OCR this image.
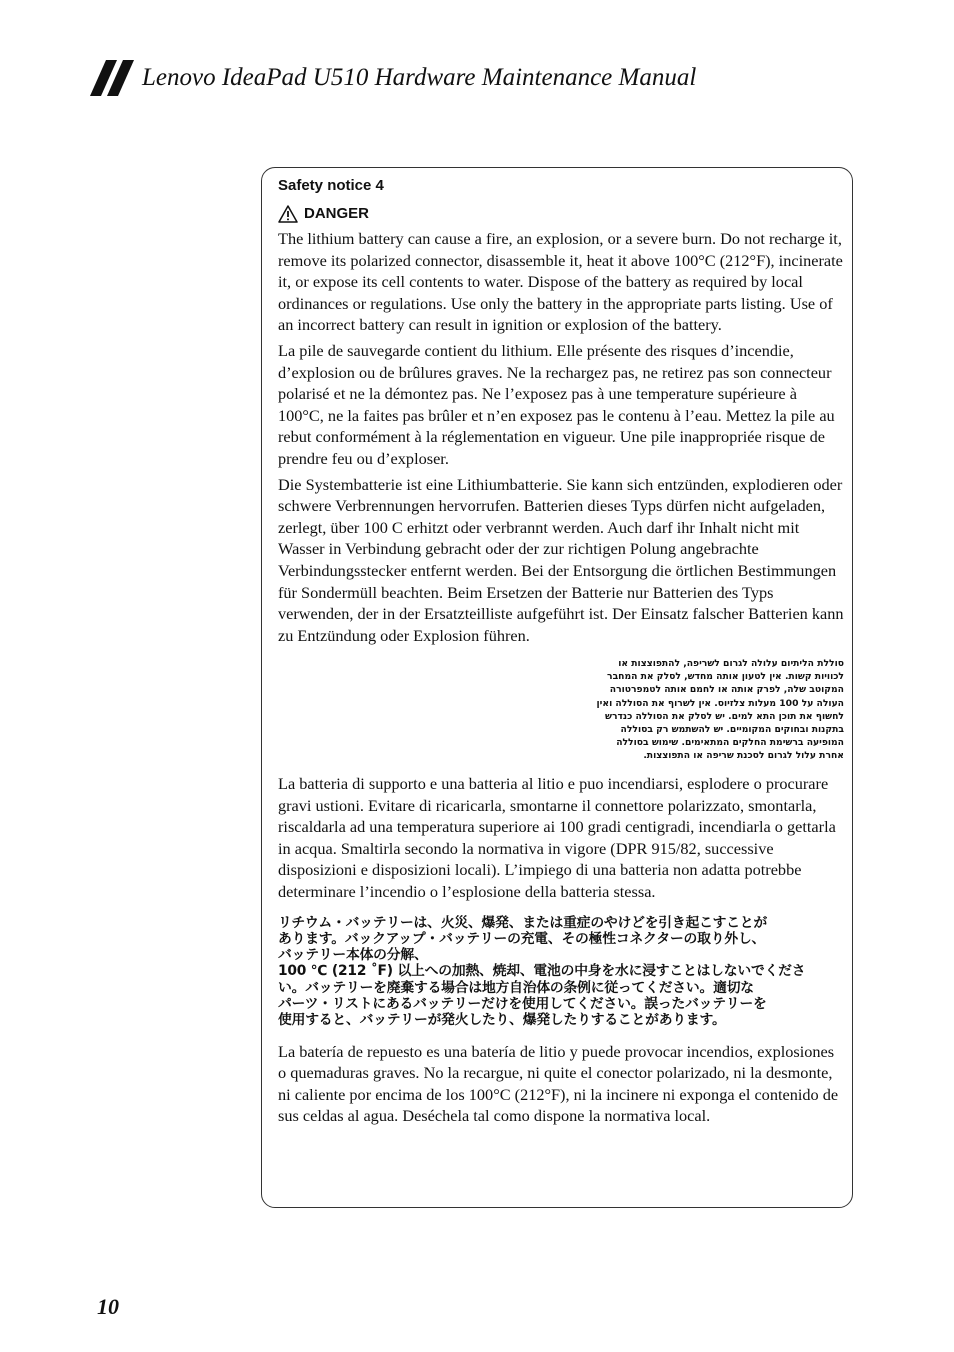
Lenovo IdeaPad U510 Hardware Maintenance Manual
Safety notice 4
DANGER

The lithium battery can cause a fire, an explosion, or a severe burn. Do not recharge it, remove its polarized connector, disassemble it, heat it above 100°C (212°F), incinerate it, or expose its cell contents to water. Dispose of the battery as required by local ordinances or regulations. Use only the battery in the appropriate parts listing. Use of an incorrect battery can result in ignition or explosion of the battery.

La pile de sauvegarde contient du lithium. Elle présente des risques d’incendie, d’explosion ou de brûlures graves. Ne la rechargez pas, ne retirez pas son connecteur polarisé et ne la démontez pas. Ne l’exposez pas à une temperature supérieure à 100°C, ne la faites pas brûler et n’en exposez pas le contenu à l’eau. Mettez la pile au rebut conformément à la réglementation en vigueur. Une pile inappropriée risque de prendre feu ou d’exploser.

Die Systembatterie ist eine Lithiumbatterie. Sie kann sich entzünden, explodieren oder schwere Verbrennungen hervorrufen. Batterien dieses Typs dürfen nicht aufgeladen, zerlegt, über 100 C erhitzt oder verbrannt werden. Auch darf ihr Inhalt nicht mit Wasser in Verbindung gebracht oder der zur richtigen Polung angebrachte Verbindungsstecker entfernt werden. Bei der Entsorgung die örtlichen Bestimmungen für Sondermüll beachten. Beim Ersetzen der Batterie nur Batterien des Typs verwenden, der in der Ersatzteilliste aufgeführt ist. Der Einsatz falscher Batterien kann zu Entzündung oder Explosion führen.

סוללת הליתיום עלולה לגרום לשריפה, להתפוצצות או
לכוויות קשות. אין לטעון אותה מחדש, לסלק את המחבר
המקוטב שלה, לפרק אותה או לחמם אותה לטמפרטורה
העולה על 100 מעלות צלזיוס. אין לשרוף את הסוללה ואין
לחשוף את תוכן התא למים. יש לסלק את הסוללה כנדרש
בתקנות ובחוקים המקומיים. יש להשתמש רק בסוללה
המופיעה ברשימת החלקים המתאימים. שימוש בסוללה
אחרת עלול לגרום לסכנת שריפה או התפוצצות.

La batteria di supporto e una batteria al litio e puo incendiarsi, esplodere o procurare gravi ustioni. Evitare di ricaricarla, smontarne il connettore polarizzato, smontarla, riscaldarla ad una temperatura superiore ai 100 gradi centigradi, incendiarla o gettarla in acqua. Smaltirla secondo la normativa in vigore (DPR 915/82, successive disposizioni e disposizioni locali). L’impiego di una batteria non adatta potrebbe determinare l’incendio o l’esplosione della batteria stessa.

リチウム・バッテリーは、火災、爆発、または重症のやけどを引き起こすことが
あります。バックアップ・バッテリーの充電、その極性コネクターの取り外し、
バッテリー本体の分解、
100 ℃ (212 ˚F) 以上への加熱、焼却、電池の中身を水に浸すことはしないでくださ
い。バッテリーを廃棄する場合は地方自治体の条例に従ってください。適切な
パーツ・リストにあるバッテリーだけを使用してください。誤ったバッテリーを
使用すると、バッテリーが発火したり、爆発したりすることがあります。

La batería de repuesto es una batería de litio y puede provocar incendios, explosiones o quemaduras graves. No la recargue, ni quite el conector polarizado, ni la desmonte, ni caliente por encima de los 100°C (212°F), ni la incinere ni exponga el contenido de sus celdas al agua. Deséchela tal como dispone la normativa local.

10
